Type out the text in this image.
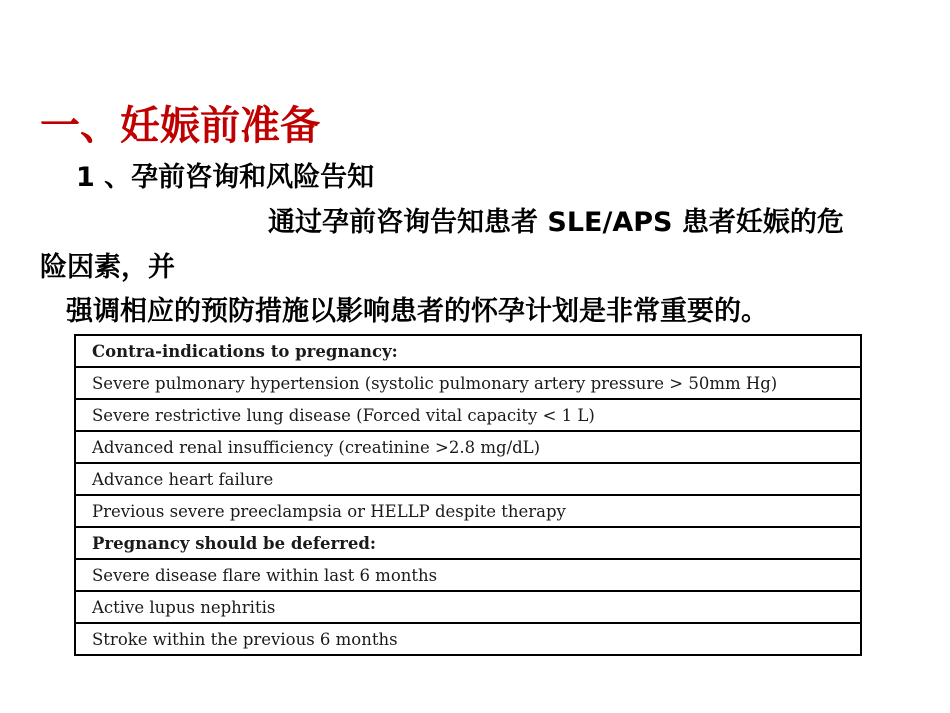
一、妊娠前准备
1 、孕前咨询和风险告知
通过孕前咨询告知患者 SLE/APS 患者妊娠的危
险因素，并
强调相应的预防措施以影响患者的怀孕计划是非常重要的。
Contra-indications to pregnancy:
Severe pulmonary hypertension (systolic pulmonary artery pressure > 50mm Hg)
Severe restrictive lung disease (Forced vital capacity < 1 L)
Advanced renal insufficiency (creatinine >2.8 mg/dL)
Advance heart failure
Previous severe preeclampsia or HELLP despite therapy
Pregnancy should be deferred:
Severe disease flare within last 6 months
Active lupus nephritis
Stroke within the previous 6 months
